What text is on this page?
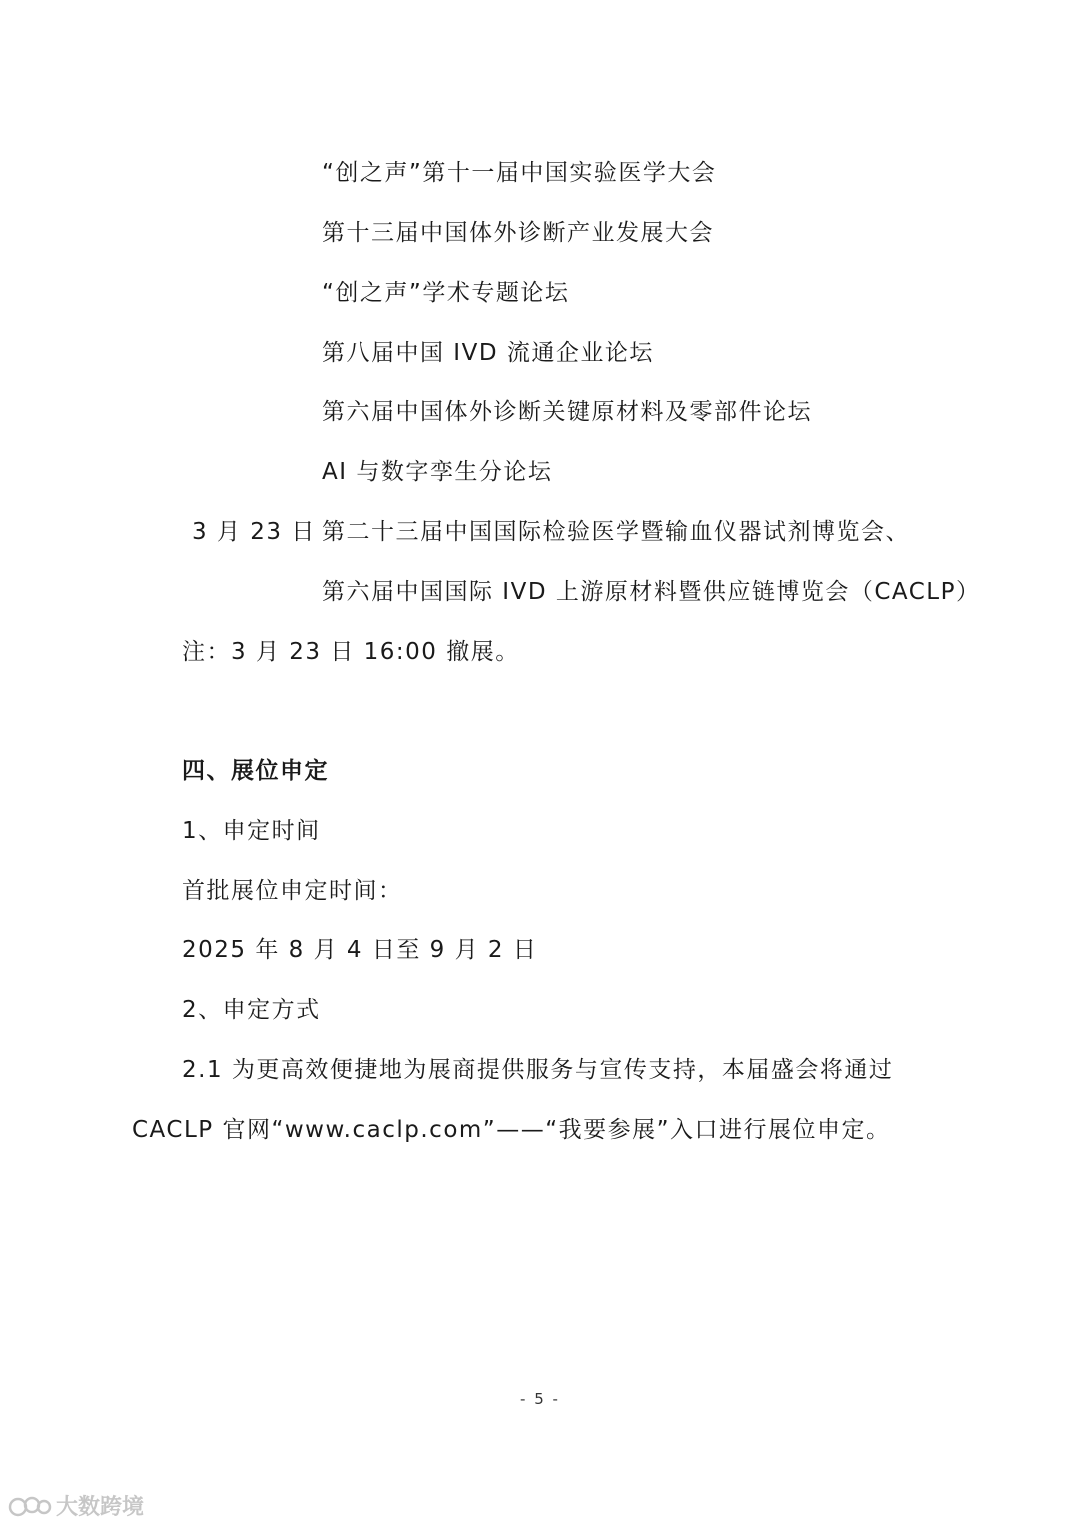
“创之声”第十一届中国实验医学大会
第十三届中国体外诊断产业发展大会
“创之声”学术专题论坛
第八届中国 IVD 流通企业论坛
第六届中国体外诊断关键原材料及零部件论坛
AI 与数字孪生分论坛
3 月 23 日 第二十三届中国国际检验医学暨输血仪器试剂博览会、
第六届中国国际 IVD 上游原材料暨供应链博览会（CACLP）
注：3 月 23 日 16:00 撤展。
四、展位申定
1、申定时间
首批展位申定时间：
2025 年 8 月 4 日至 9 月 2 日
2、申定方式
2.1 为更高效便捷地为展商提供服务与宣传支持，本届盛会将通过
CACLP 官网“www.caclp.com”——“我要参展”入口进行展位申定。
- 5 -
大数跨境
